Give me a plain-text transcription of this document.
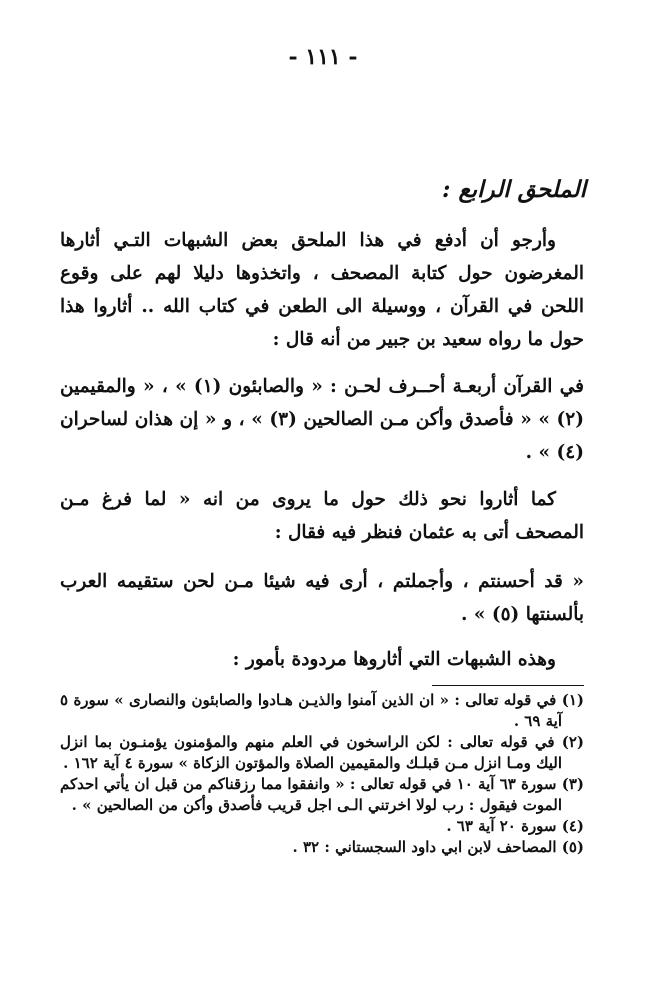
- ١١١ -
الملحق الرابع :

وأرجو أن أدفع في هذا الملحق بعض الشبهات التـي أثارها المغرضون حول كتابة المصحف ، واتخذوها دليلا لهم على وقوع اللحن في القرآن ، ووسيلة الى الطعن في كتاب الله .. أثاروا هذا حول ما رواه سعيد بن جبير من أنه قال :

في القرآن أربعـة أحــرف لحـن : « والصابئون (١) » ، « والمقيمين (٢) » « فأصدق وأكن مـن الصالحين (٣) » ، و « إن هذان لساحران (٤) » .

كما أثاروا نحو ذلك حول ما يروى من انه « لما فرغ مـن المصحف أتى به عثمان فنظر فيه فقال :

« قد أحسنتم ، وأجملتم ، أرى فيه شيئا مـن لحن ستقيمه العرب بألسنتها (٥) » .

وهذه الشبهات التي أثاروها مردودة بأمور :

(١) في قوله تعالى : « ان الذين آمنوا والذيـن هـادوا والصابئون والنصارى » سورة ٥ آية ٦٩ .

(٢) في قوله تعالى : لكن الراسخون في العلم منهم والمؤمنون يؤمنـون بما انزل اليك ومـا انزل مـن قبلـك والمقيمين الصلاة والمؤتون الزكاة » سورة ٤ آية ١٦٢ .

(٣) سورة ٦٣ آية ١٠ في قوله تعالى : « وانفقوا مما رزقناكم من قبل ان يأتي احدكم الموت فيقول : رب لولا اخرتني الـى اجل قريب فأصدق وأكن من الصالحين » .

(٤) سورة ٢٠ آية ٦٣ .

(٥) المصاحف لابن ابي داود السجستاني : ٣٢ .
